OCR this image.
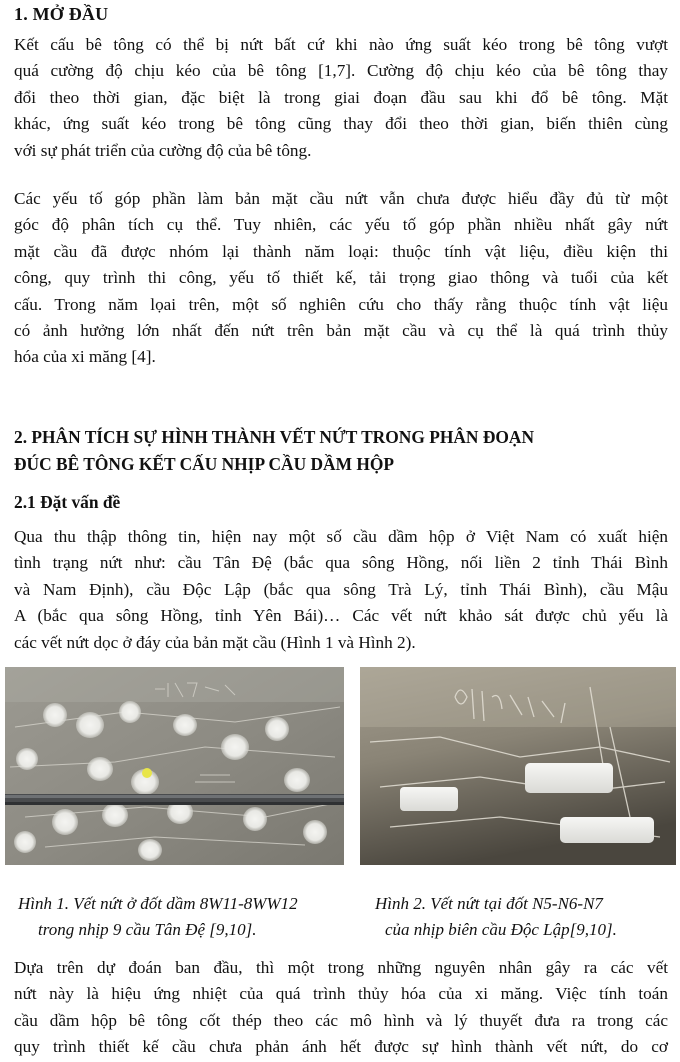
1. MỞ ĐẦU
Kết cấu bê tông có thể bị nứt bất cứ khi nào ứng suất kéo trong bê tông vượt
quá cường độ chịu kéo của bê tông [1,7]. Cường độ chịu kéo của bê tông thay
đổi theo thời gian, đặc biệt là trong giai đoạn đầu sau khi đổ bê tông. Mặt
khác, ứng suất kéo trong bê tông cũng thay đổi theo thời gian, biến thiên cùng
với sự phát triển của cường độ của bê tông.
Các yếu tố góp phần làm bản mặt cầu nứt vẫn chưa được hiểu đầy đủ từ một
góc độ phân tích cụ thể. Tuy nhiên, các yếu tố góp phần nhiều nhất gây nứt
mặt cầu đã được nhóm lại thành năm loại: thuộc tính vật liệu, điều kiện thi
công, quy trình thi công, yếu tố thiết kế, tải trọng giao thông và tuổi của kết
cấu. Trong năm lọai trên, một số nghiên cứu cho thấy rằng thuộc tính vật liệu
có ảnh hưởng lớn nhất đến nứt trên bản mặt cầu và cụ thể là quá trình thủy
hóa của xi măng [4].
2. PHÂN TÍCH SỰ HÌNH THÀNH VẾT NỨT TRONG PHÂN ĐOẠN
ĐÚC BÊ TÔNG KẾT CẤU NHỊP CẦU DẦM HỘP
2.1 Đặt vấn đề
Qua thu thập thông tin, hiện nay một số cầu dầm hộp ở Việt Nam có xuất hiện
tình trạng nứt như: cầu Tân Đệ (bắc qua sông Hồng, nối liền 2 tỉnh Thái Bình
và Nam Định), cầu Độc Lập (bắc qua sông Trà Lý, tỉnh Thái Bình), cầu Mậu
A (bắc qua sông Hồng, tỉnh Yên Bái)… Các vết nứt khảo sát được chủ yếu là
các vết nứt dọc ở đáy của bản mặt cầu (Hình 1 và Hình 2).
Hình 1. Vết nứt ở đốt dầm 8W11-8WW12
trong nhịp 9 cầu Tân Đệ [9,10].
Hình 2. Vết nứt tại đốt N5-N6-N7
của nhịp biên cầu Độc Lập[9,10].
Dựa trên dự đoán ban đầu, thì một trong những nguyên nhân gây ra các vết
nứt này là hiệu ứng nhiệt của quá trình thủy hóa của xi măng. Việc tính toán
cầu dầm hộp bê tông cốt thép theo các mô hình và lý thuyết đưa ra trong các
quy trình thiết kế cầu chưa phản ánh hết được sự hình thành vết nứt, do cơ
